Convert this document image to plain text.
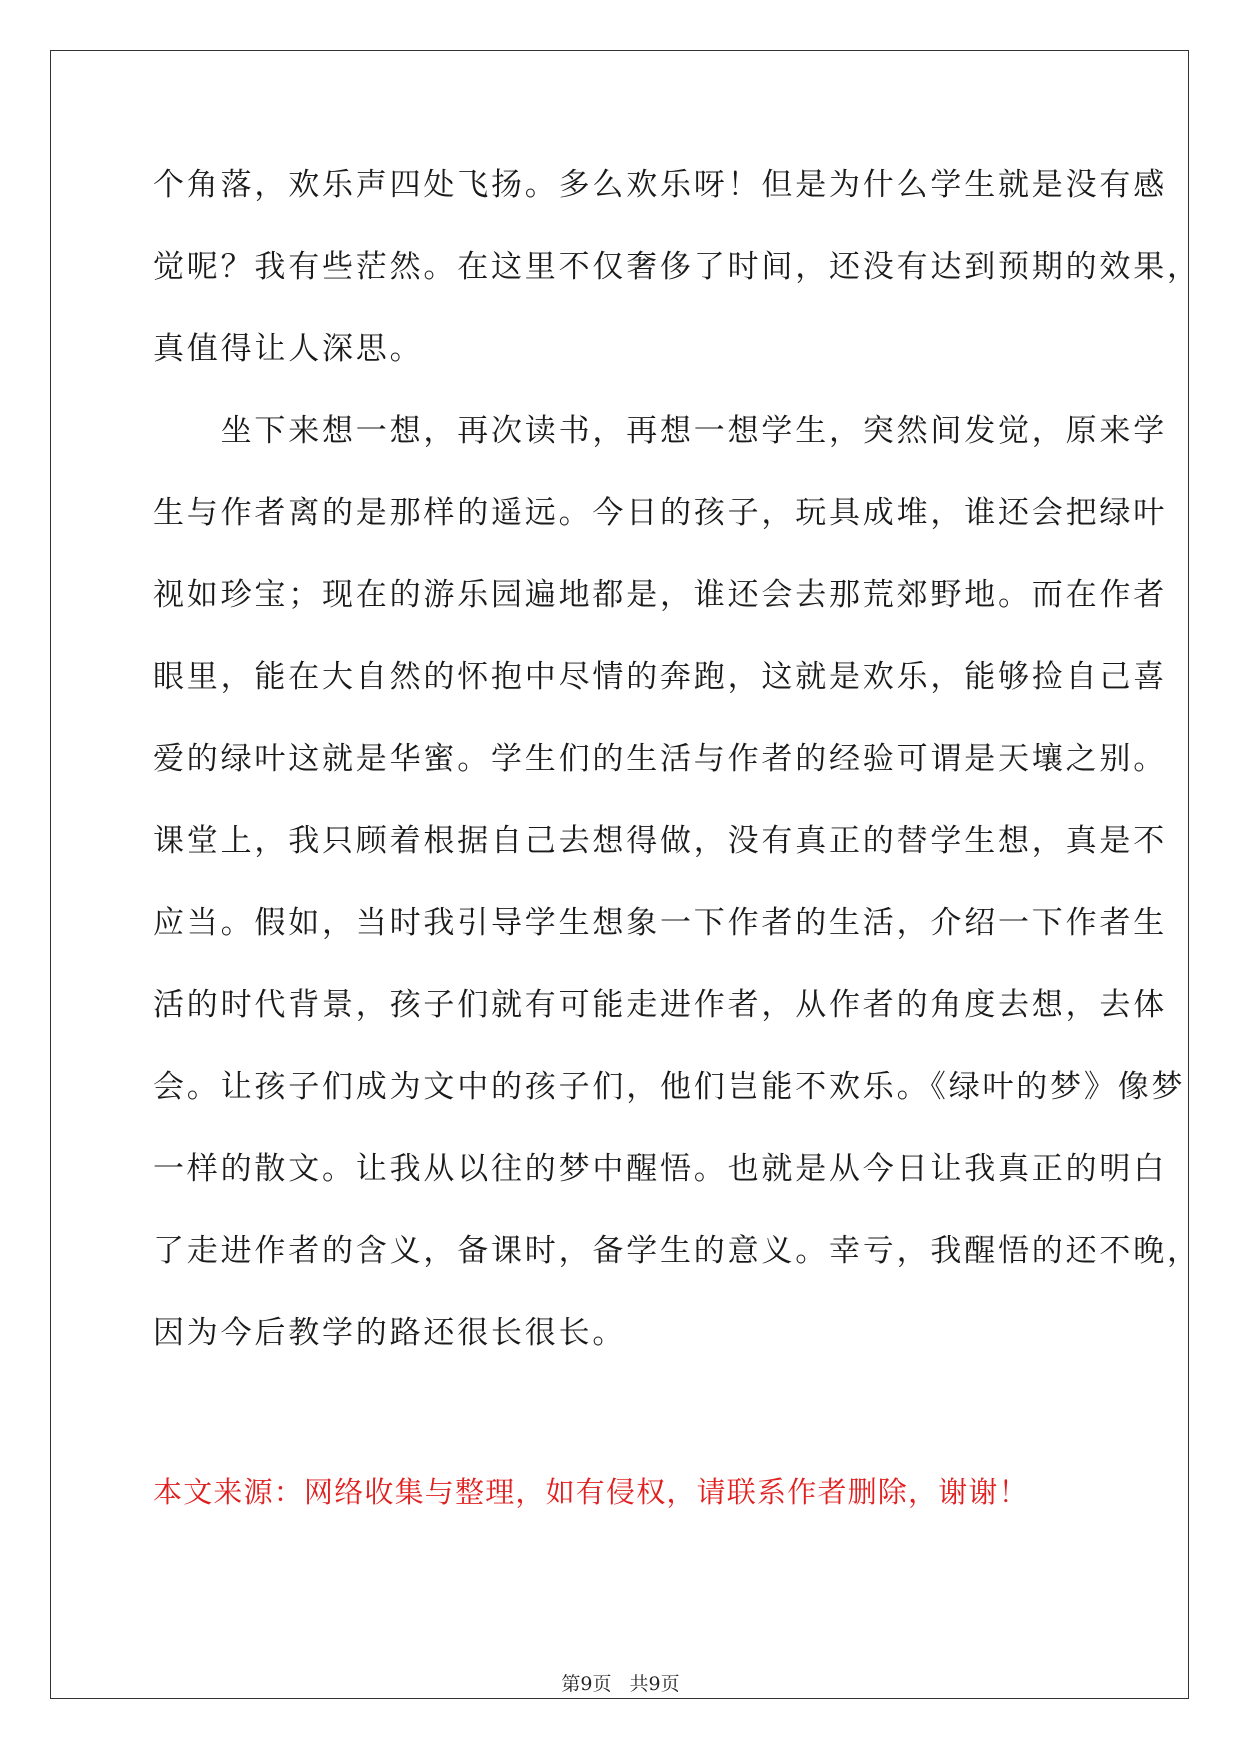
个角落，欢乐声四处飞扬。多么欢乐呀！但是为什么学生就是没有感
觉呢？我有些茫然。在这里不仅奢侈了时间，还没有达到预期的效果，
真值得让人深思。
　　坐下来想一想，再次读书，再想一想学生，突然间发觉，原来学
生与作者离的是那样的遥远。今日的孩子，玩具成堆，谁还会把绿叶
视如珍宝；现在的游乐园遍地都是，谁还会去那荒郊野地。而在作者
眼里，能在大自然的怀抱中尽情的奔跑，这就是欢乐，能够捡自己喜
爱的绿叶这就是华蜜。学生们的生活与作者的经验可谓是天壤之别。
课堂上，我只顾着根据自己去想得做，没有真正的替学生想，真是不
应当。假如，当时我引导学生想象一下作者的生活，介绍一下作者生
活的时代背景，孩子们就有可能走进作者，从作者的角度去想，去体
会。让孩子们成为文中的孩子们，他们岂能不欢乐。《绿叶的梦》像梦
一样的散文。让我从以往的梦中醒悟。也就是从今日让我真正的明白
了走进作者的含义，备课时，备学生的意义。幸亏，我醒悟的还不晚，
因为今后教学的路还很长很长。
本文来源：网络收集与整理，如有侵权，请联系作者删除，谢谢！
第9页 共9页
